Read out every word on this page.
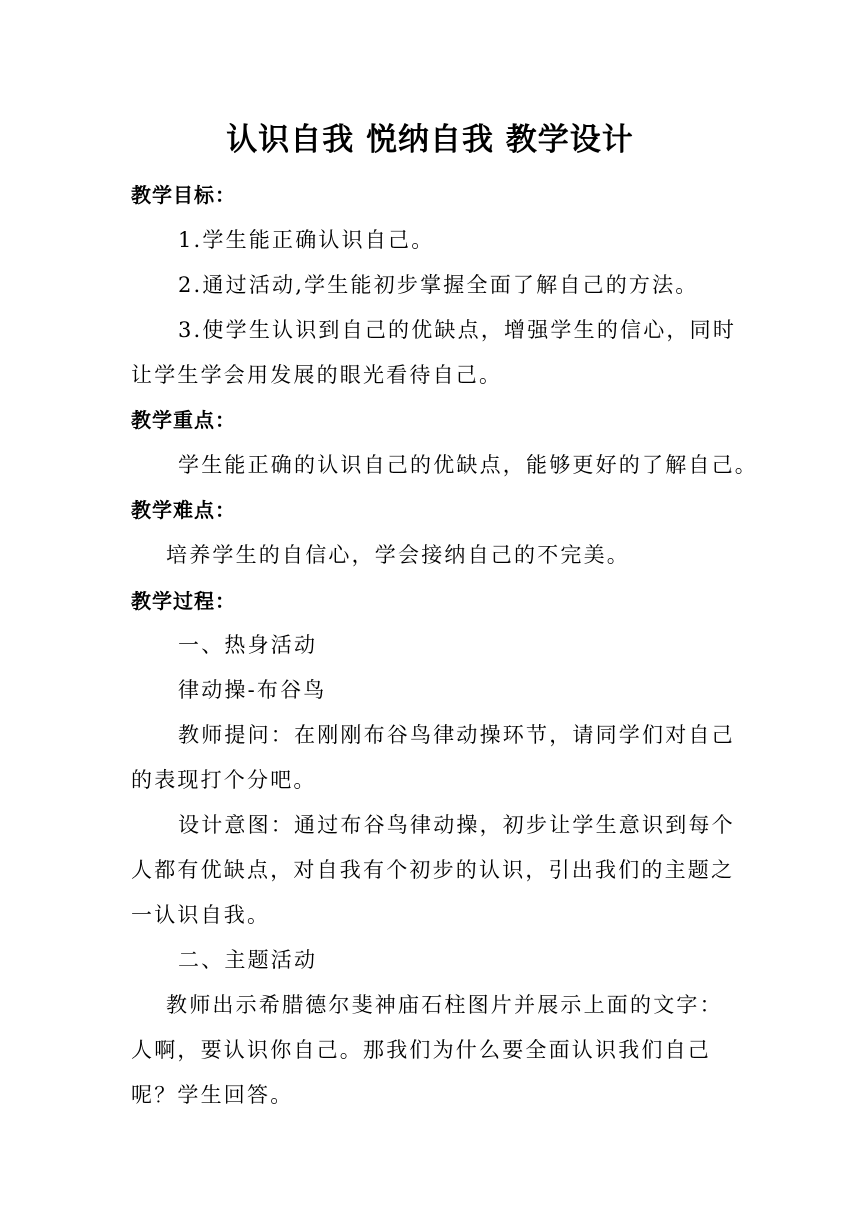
认识自我 悦纳自我 教学设计
教学目标：
1.学生能正确认识自己。
2.通过活动,学生能初步掌握全面了解自己的方法。
3.使学生认识到自己的优缺点，增强学生的信心，同时
让学生学会用发展的眼光看待自己。
教学重点：
学生能正确的认识自己的优缺点，能够更好的了解自己。
教学难点：
培养学生的自信心，学会接纳自己的不完美。
教学过程：
一、热身活动
律动操-布谷鸟
教师提问：在刚刚布谷鸟律动操环节，请同学们对自己
的表现打个分吧。
设计意图：通过布谷鸟律动操，初步让学生意识到每个
人都有优缺点，对自我有个初步的认识，引出我们的主题之
一认识自我。
二、主题活动
教师出示希腊德尔斐神庙石柱图片并展示上面的文字：
人啊，要认识你自己。那我们为什么要全面认识我们自己
呢？学生回答。
